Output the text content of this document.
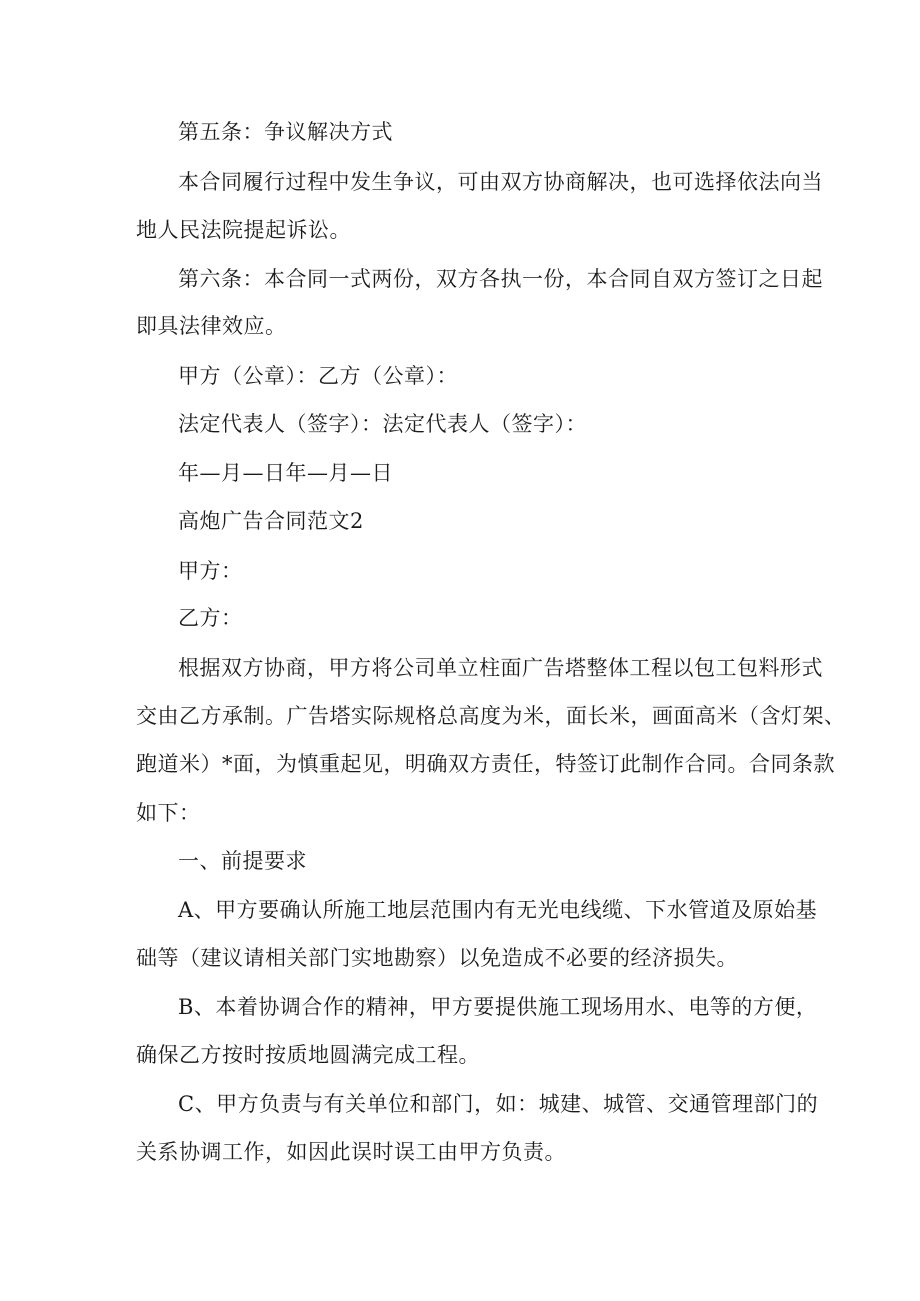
第五条：争议解决方式
本合同履行过程中发生争议，可由双方协商解决，也可选择依法向当
地人民法院提起诉讼。
第六条：本合同一式两份，双方各执一份，本合同自双方签订之日起
即具法律效应。
甲方（公章）：乙方（公章）：
法定代表人（签字）：法定代表人（签字）：
年—月—日年—月—日
高炮广告合同范文2
甲方：
乙方：
根据双方协商，甲方将公司单立柱面广告塔整体工程以包工包料形式
交由乙方承制。广告塔实际规格总高度为米，面长米，画面高米（含灯架、
跑道米）*面，为慎重起见，明确双方责任，特签订此制作合同。合同条款
如下：
一、前提要求
A、甲方要确认所施工地层范围内有无光电线缆、下水管道及原始基
础等（建议请相关部门实地勘察）以免造成不必要的经济损失。
B、本着协调合作的精神，甲方要提供施工现场用水、电等的方便，
确保乙方按时按质地圆满完成工程。
C、甲方负责与有关单位和部门，如：城建、城管、交通管理部门的
关系协调工作，如因此误时误工由甲方负责。
